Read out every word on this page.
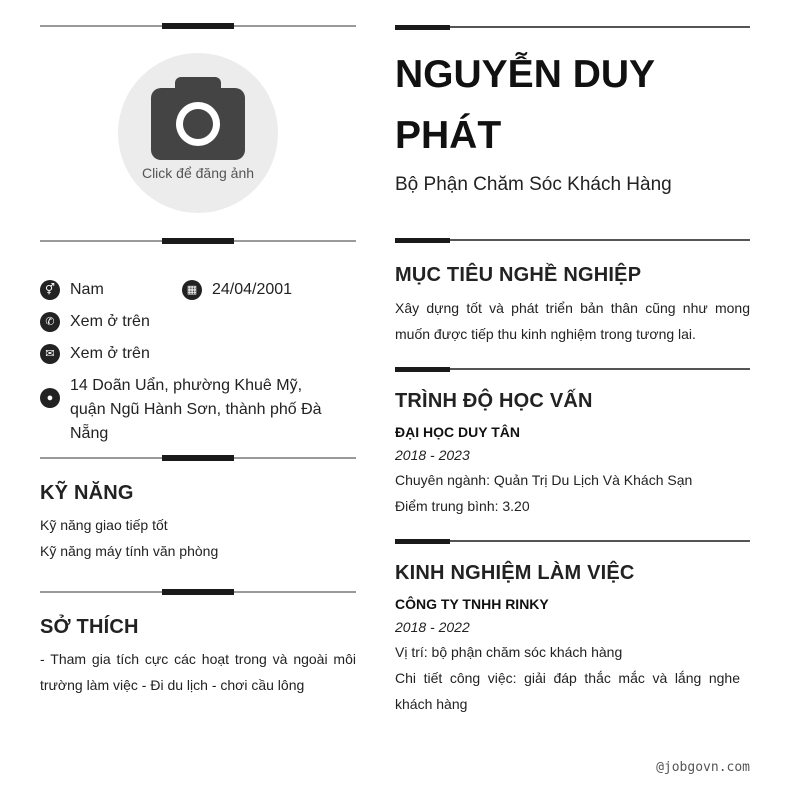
Click để đăng ảnh
⚥ Nam	▦ 24/04/2001
✆ Xem ở trên
✉ Xem ở trên
●
14 Doãn Uẩn, phường Khuê Mỹ, quận Ngũ Hành Sơn, thành phố Đà Nẵng
KỸ NĂNG
Kỹ năng giao tiếp tốt
Kỹ năng máy tính văn phòng
SỞ THÍCH
- Tham gia tích cực các hoạt trong và ngoài môi trường làm việc - Đi du lịch - chơi cầu lông
NGUYỄN DUY PHÁT
Bộ Phận Chăm Sóc Khách Hàng
MỤC TIÊU NGHỀ NGHIỆP
Xây dựng tốt và phát triển bản thân cũng như mong muốn được tiếp thu kinh nghiệm trong tương lai.
TRÌNH ĐỘ HỌC VẤN
ĐẠI HỌC DUY TÂN
2018 - 2023
Chuyên ngành: Quản Trị Du Lịch Và Khách Sạn
Điểm trung bình: 3.20
KINH NGHIỆM LÀM VIỆC
CÔNG TY TNHH RINKY
2018 - 2022
Vị trí: bộ phận chăm sóc khách hàng
Chi tiết công việc: giải đáp thắc mắc và lắng nghe khách hàng
@jobgovn.com
